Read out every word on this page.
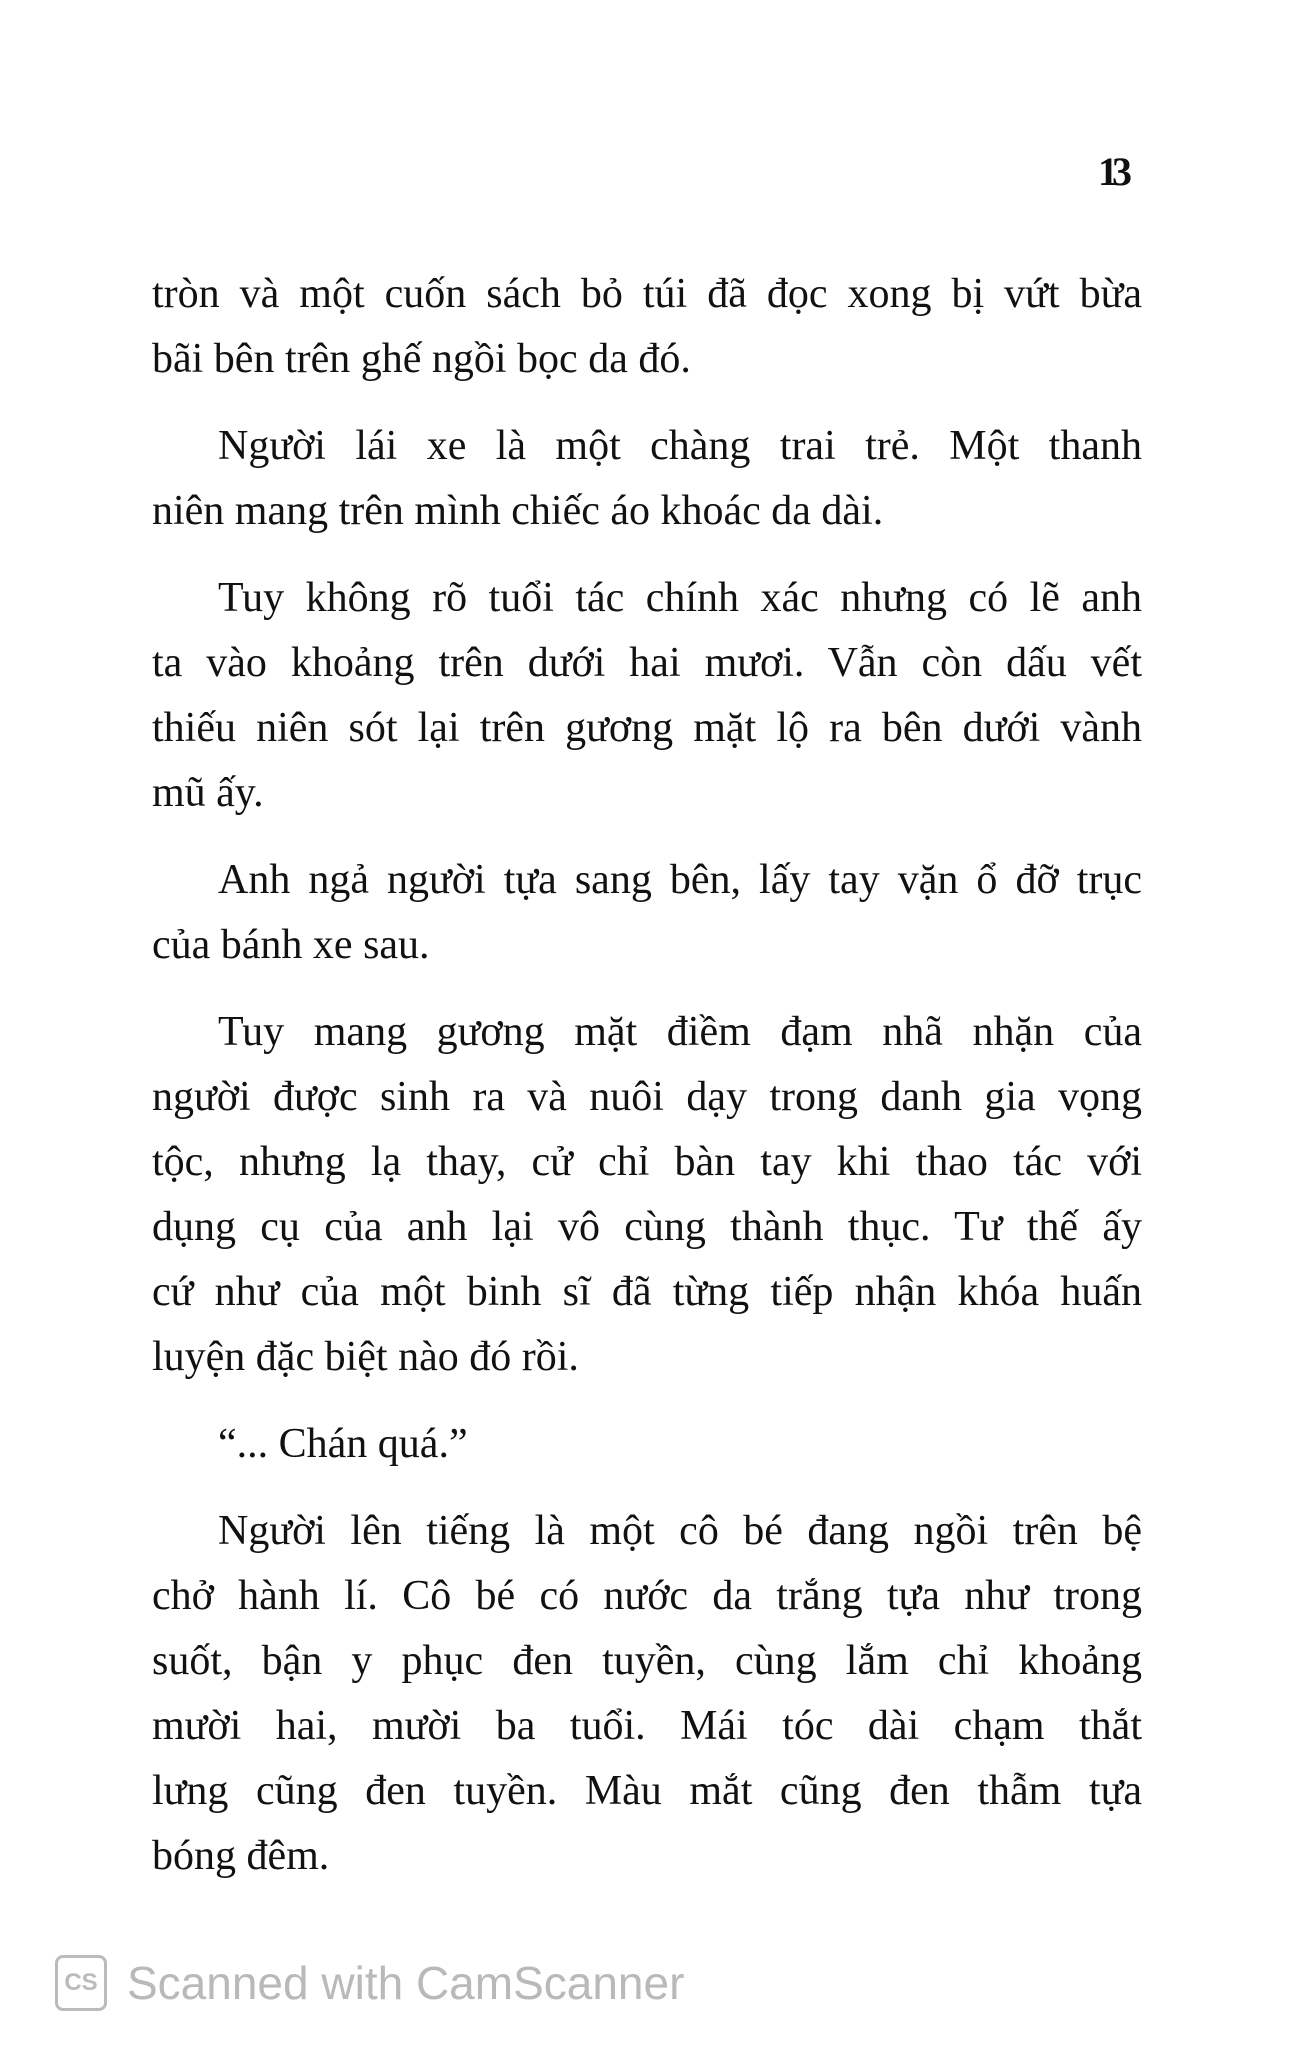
13
tròn và một cuốn sách bỏ túi đã đọc xong bị vứt bừa
bãi bên trên ghế ngồi bọc da đó.
Người lái xe là một chàng trai trẻ. Một thanh
niên mang trên mình chiếc áo khoác da dài.
Tuy không rõ tuổi tác chính xác nhưng có lẽ anh
ta vào khoảng trên dưới hai mươi. Vẫn còn dấu vết
thiếu niên sót lại trên gương mặt lộ ra bên dưới vành
mũ ấy.
Anh ngả người tựa sang bên, lấy tay vặn ổ đỡ trục
của bánh xe sau.
Tuy mang gương mặt điềm đạm nhã nhặn của
người được sinh ra và nuôi dạy trong danh gia vọng
tộc, nhưng lạ thay, cử chỉ bàn tay khi thao tác với
dụng cụ của anh lại vô cùng thành thục. Tư thế ấy
cứ như của một binh sĩ đã từng tiếp nhận khóa huấn
luyện đặc biệt nào đó rồi.
“... Chán quá.”
Người lên tiếng là một cô bé đang ngồi trên bệ
chở hành lí. Cô bé có nước da trắng tựa như trong
suốt, bận y phục đen tuyền, cùng lắm chỉ khoảng
mười hai, mười ba tuổi. Mái tóc dài chạm thắt
lưng cũng đen tuyền. Màu mắt cũng đen thẫm tựa
bóng đêm.
CS Scanned with CamScanner
